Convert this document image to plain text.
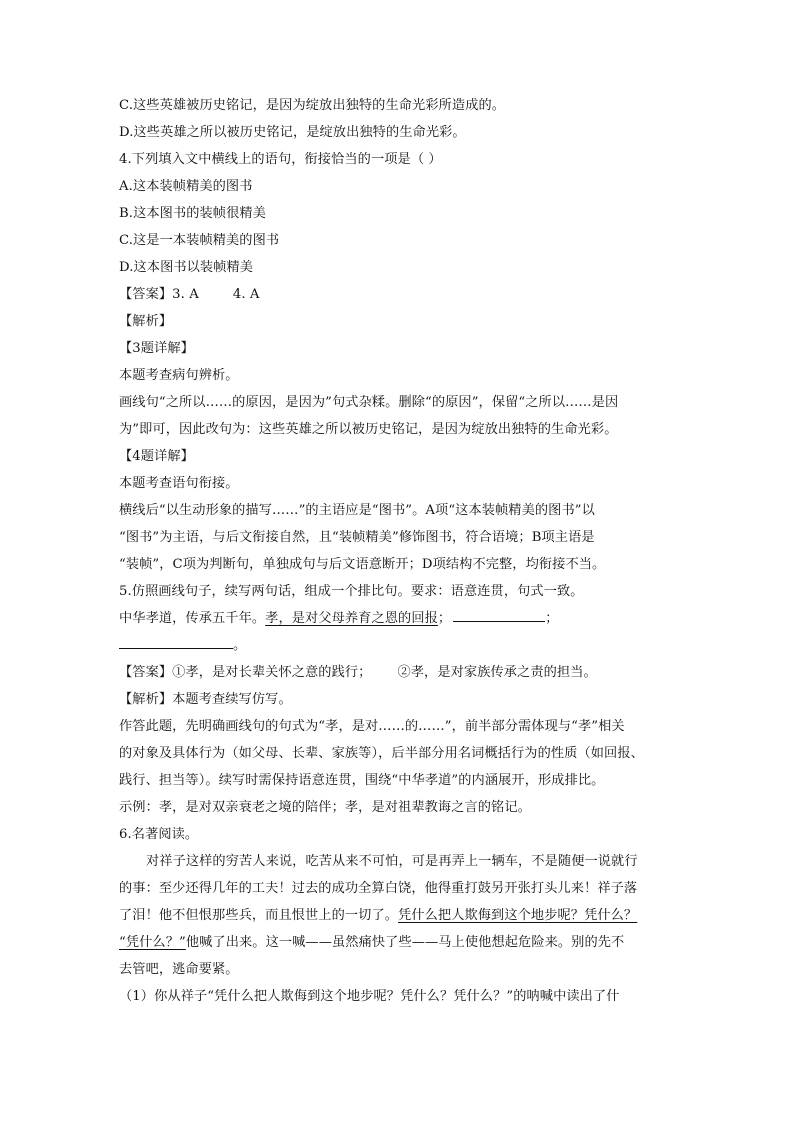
C.这些英雄被历史铭记，是因为绽放出独特的生命光彩所造成的。
D.这些英雄之所以被历史铭记，是绽放出独特的生命光彩。
4.下列填入文中横线上的语句，衔接恰当的一项是（ ）
A.这本装帧精美的图书
B.这本图书的装帧很精美
C.这是一本装帧精美的图书
D.这本图书以装帧精美
【答案】3. A	4. A
【解析】
【3题详解】
本题考查病句辨析。
画线句“之所以……的原因，是因为”句式杂糅。删除“的原因”，保留“之所以……是因
为”即可，因此改句为：这些英雄之所以被历史铭记，是因为绽放出独特的生命光彩。
【4题详解】
本题考查语句衔接。
横线后“以生动形象的描写……”的主语应是“图书”。A项“这本装帧精美的图书”以
“图书”为主语，与后文衔接自然，且“装帧精美”修饰图书，符合语境；B项主语是
“装帧”，C项为判断句，单独成句与后文语意断开；D项结构不完整，均衔接不当。
5.仿照画线句子，续写两句话，组成一个排比句。要求：语意连贯，句式一致。
中华孝道，传承五千年。孝，是对父母养育之恩的回报；	；
。
【答案】①孝，是对长辈关怀之意的践行； ②孝，是对家族传承之责的担当。
【解析】本题考查续写仿写。
作答此题，先明确画线句的句式为“孝，是对……的……”，前半部分需体现与“孝”相关
的对象及具体行为（如父母、长辈、家族等），后半部分用名词概括行为的性质（如回报、
践行、担当等）。续写时需保持语意连贯，围绕“中华孝道”的内涵展开，形成排比。
示例：孝，是对双亲衰老之境的陪伴；孝，是对祖辈教诲之言的铭记。
6.名著阅读。
对祥子这样的穷苦人来说，吃苦从来不可怕，可是再弄上一辆车，不是随便一说就行
的事：至少还得几年的工夫！过去的成功全算白饶，他得重打鼓另开张打头儿来！祥子落
了泪！他不但恨那些兵，而且恨世上的一切了。凭什么把人欺侮到这个地步呢？凭什么？
“凭什么？”他喊了出来。这一喊——虽然痛快了些——马上使他想起危险来。别的先不
去管吧，逃命要紧。
（1）你从祥子“凭什么把人欺侮到这个地步呢？凭什么？凭什么？”的呐喊中读出了什
